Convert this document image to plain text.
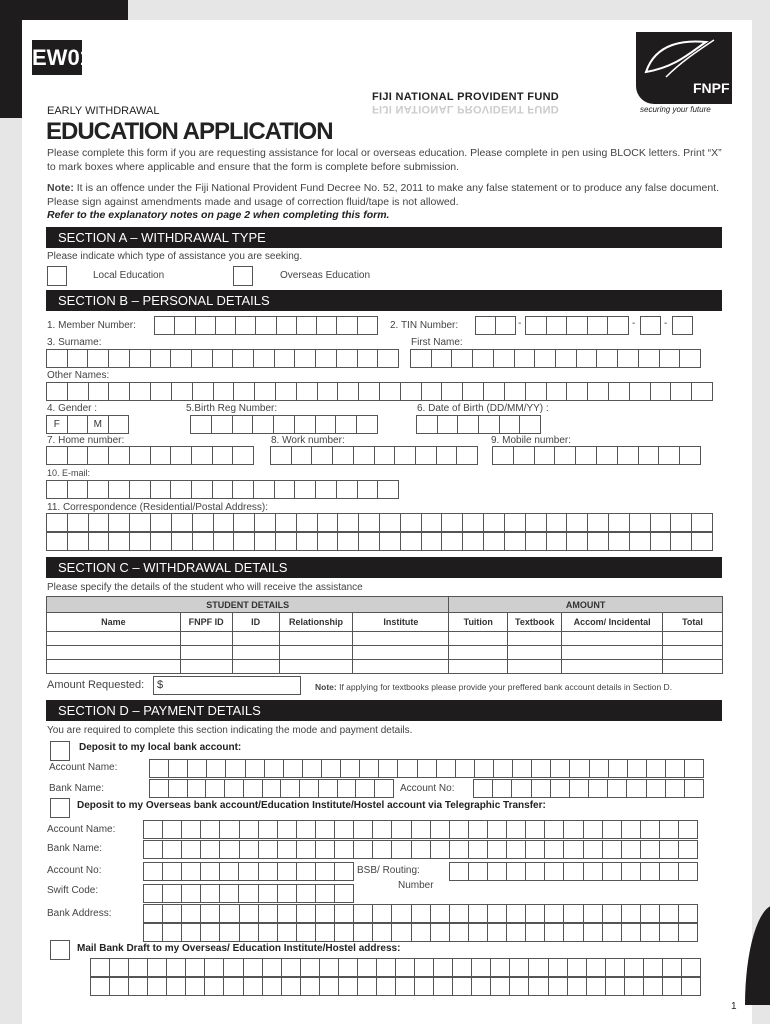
EW01
FNPF
securing your future
FIJI NATIONAL PROVIDENT FUND
FIJI NATIONAL PROVIDENT FUND
EARLY WITHDRAWAL
EDUCATION APPLICATION
Please complete this form if you are requesting assistance for local or overseas education. Please complete in pen using BLOCK letters. Print “X” to mark boxes where applicable and ensure that the form is complete before submission.
Note: It is an offence under the Fiji National Provident Fund Decree No. 52, 2011 to make any false statement or to produce any false document. Please sign against amendments made and usage of correction fluid/tape is not allowed.
Refer to the explanatory notes on page 2 when completing this form.
SECTION A – WITHDRAWAL TYPE
Please indicate which type of assistance you are seeking.
Local Education	Overseas Education
SECTION B – PERSONAL DETAILS
1. Member Number:	2. TIN Number:	-	-	-
3. Surname:	First Name:
Other Names:
4. Gender :
F	M
5.Birth Reg Number:	6. Date of Birth (DD/MM/YY) :
7. Home number:	8. Work number:	9. Mobile number:
10. E-mail:
11. Correspondence (Residential/Postal Address):
SECTION C – WITHDRAWAL DETAILS
Please specify the details of the student who will receive the assistance
STUDENT DETAILS					AMOUNT			
Name	FNPF ID	ID	Relationship	Institute	Tuition	Textbook	Accom/ Incidental	Total

Amount Requested:	$	Note: If applying for textbooks please provide your preffered bank account details in Section D.
SECTION D – PAYMENT DETAILS
You are required to complete this section indicating the mode and payment details.
Deposit to my local bank account:
Account Name:
Bank Name:	Account No:
Deposit to my Overseas bank account/Education Institute/Hostel account via Telegraphic Transfer:
Account Name:
Bank Name:
Account No:	BSB/ Routing:
Number
Swift Code:
Bank Address:
Mail Bank Draft to my Overseas/ Education Institute/Hostel address:
1
